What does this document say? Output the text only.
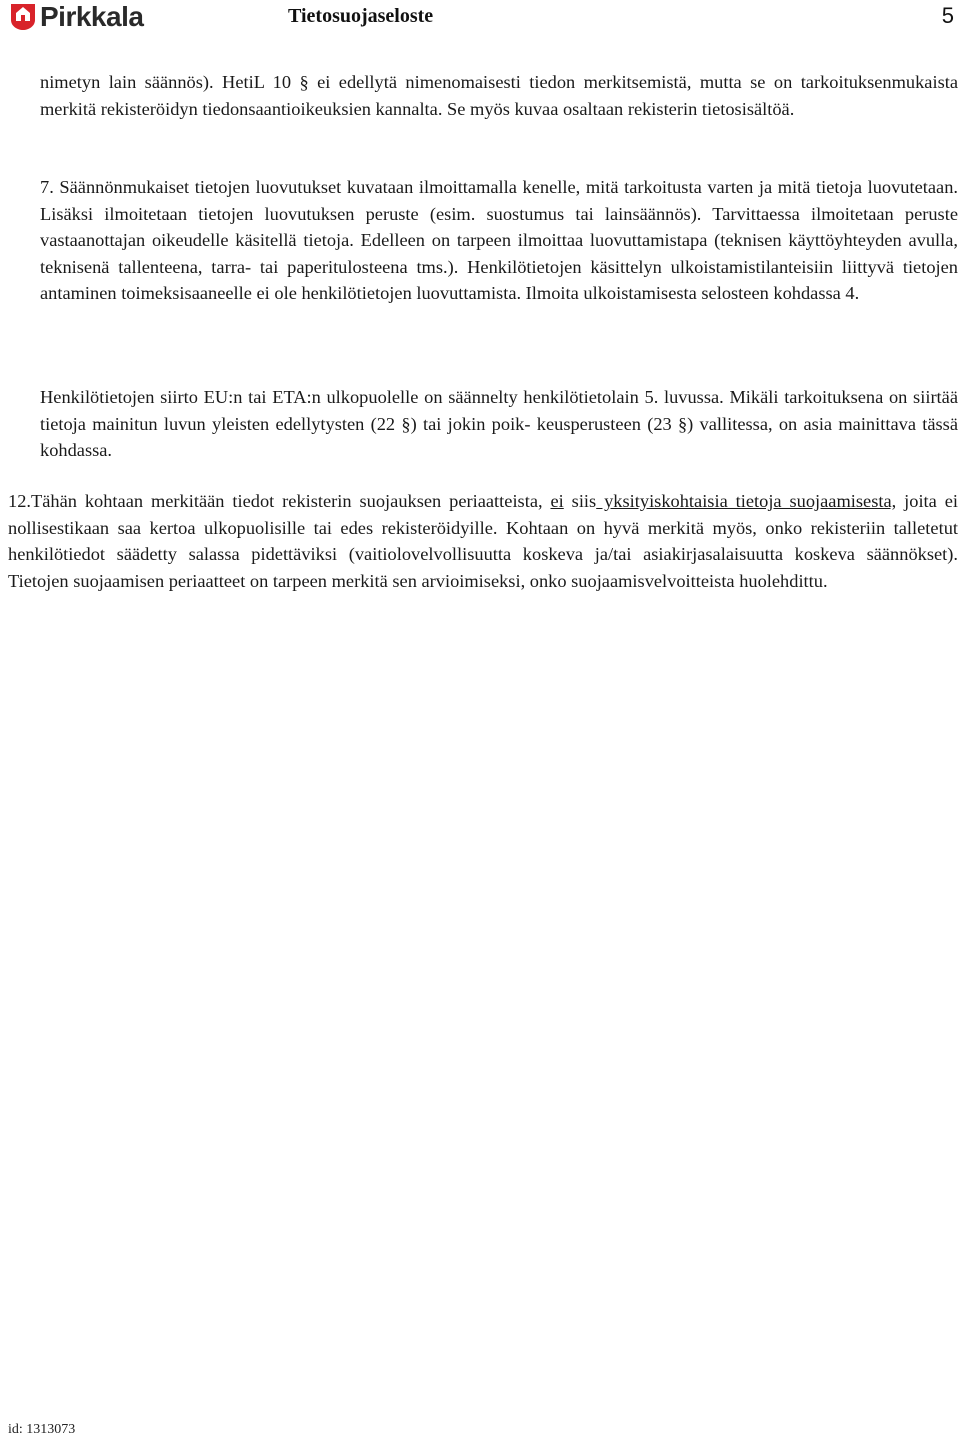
Pirkkala	Tietosuojaseloste	5

nimetyn lain säännös). HetiL 10 § ei edellytä nimenomaisesti tiedon merkitsemistä, mutta se on tarkoituksenmukaista merkitä rekisteröidyn tiedonsaantioikeuksien kannalta. Se myös kuvaa osaltaan rekisterin tietosisältöä.

7. Säännönmukaiset tietojen luovutukset kuvataan ilmoittamalla kenelle, mitä tarkoitusta varten ja mitä tietoja luovutetaan. Lisäksi ilmoitetaan tietojen luovutuksen peruste (esim. suostumus tai lainsäännös). Tarvittaessa ilmoitetaan peruste vastaanottajan oikeudelle käsitellä tietoja. Edelleen on tarpeen ilmoittaa luovuttamistapa (teknisen käyttöyhteyden avulla, teknisenä tallenteena, tarra- tai paperitulosteena tms.). Henkilötietojen käsittelyn ulkoistamistilanteisiin liittyvä tietojen antaminen toimeksisaaneelle ei ole henkilötietojen luovuttamista. Ilmoita ulkoistamisesta selosteen kohdassa 4.

Henkilötietojen siirto EU:n tai ETA:n ulkopuolelle on säännelty henkilötietolain 5. luvussa. Mikäli tarkoituksena on siirtää tietoja mainitun luvun yleisten edellytysten (22 §) tai jokin poik- keusperusteen (23 §) vallitessa, on asia mainittava tässä kohdassa.

12.Tähän kohtaan merkitään tiedot rekisterin suojauksen periaatteista, ei siis yksityiskohtaisia tietoja suojaamisesta, joita ei nollisestikaan saa kertoa ulkopuolisille tai edes rekisteröidyille. Kohtaan on hyvä merkitä myös, onko rekisteriin talletetut henkilötiedot säädetty salassa pidettäviksi (vaitiolovelvollisuutta koskeva ja/tai asiakirjasalaisuutta koskeva säännökset). Tietojen suojaamisen periaatteet on tarpeen merkitä sen arvioimiseksi, onko suojaamisvelvoitteista huolehdittu.

id: 1313073
